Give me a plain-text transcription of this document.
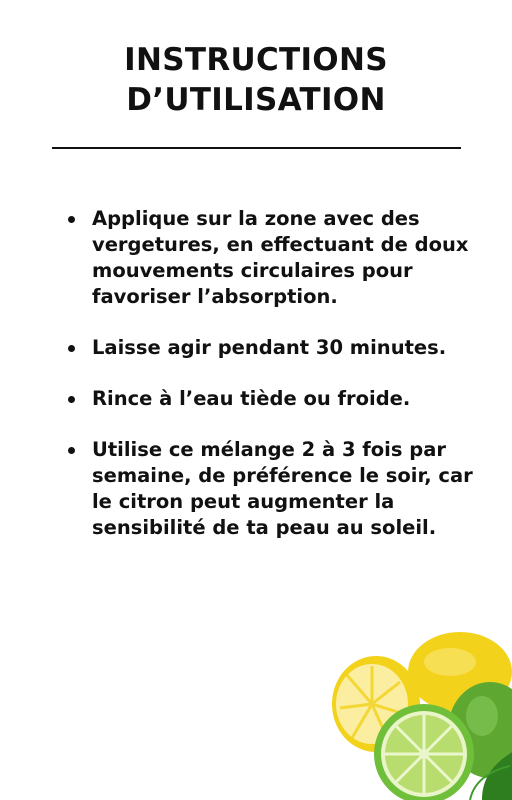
INSTRUCTIONS
D’UTILISATION
Applique sur la zone avec des vergetures, en effectuant de doux mouvements circulaires pour favoriser l’absorption.
Laisse agir pendant 30 minutes.
Rince à l’eau tiède ou froide.
Utilise ce mélange 2 à 3 fois par semaine, de préférence le soir, car le citron peut augmenter la sensibilité de ta peau au soleil.
